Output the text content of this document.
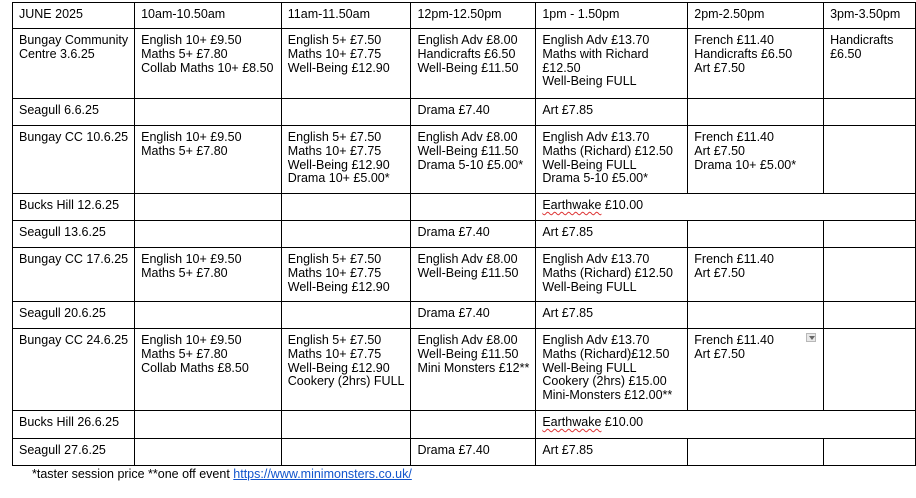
JUNE 2025	10am-10.50am	11am-11.50am	12pm-12.50pm	1pm - 1.50pm	2pm-2.50pm	3pm-3.50pm

Bungay Community
Centre 3.6.25	English 10+ £9.50
Maths 5+ £7.80
Collab Maths 10+ £8.50	English 5+ £7.50
Maths 10+ £7.75
Well-Being £12.90	English Adv £8.00
Handicrafts £6.50
Well-Being £11.50	English Adv £13.70
Maths with Richard
£12.50
Well-Being FULL	French £11.40
Handicrafts £6.50
Art £7.50	Handicrafts
£6.50

Seagull 6.6.25			Drama £7.40	Art £7.85		

Bungay CC 10.6.25	English 10+ £9.50
Maths 5+ £7.80	English 5+ £7.50
Maths 10+ £7.75
Well-Being £12.90
Drama 10+ £5.00*	English Adv £8.00
Well-Being £11.50
Drama 5-10 £5.00*	English Adv £13.70
Maths (Richard) £12.50
Well-Being FULL
Drama 5-10 £5.00*	French £11.40
Art £7.50
Drama 10+ £5.00*	

Bucks Hill 12.6.25				Earthwake £10.00		

Seagull 13.6.25			Drama £7.40	Art £7.85		

Bungay CC 17.6.25	English 10+ £9.50
Maths 5+ £7.80	English 5+ £7.50
Maths 10+ £7.75
Well-Being £12.90	English Adv £8.00
Well-Being £11.50	English Adv £13.70
Maths (Richard) £12.50
Well-Being FULL	French £11.40
Art £7.50	

Seagull 20.6.25			Drama £7.40	Art £7.85		

Bungay CC 24.6.25	English 10+ £9.50
Maths 5+ £7.80
Collab Maths £8.50	English 5+ £7.50
Maths 10+ £7.75
Well-Being £12.90
Cookery (2hrs) FULL	English Adv £8.00
Well-Being £11.50
Mini Monsters £12**	English Adv £13.70
Maths (Richard)£12.50
Well-Being FULL
Cookery (2hrs) £15.00
Mini-Monsters £12.00**	French £11.40
Art £7.50	

Bucks Hill 26.6.25				Earthwake £10.00		

Seagull 27.6.25			Drama £7.40	Art £7.85		

*taster session price **one off event https://www.minimonsters.co.uk/
